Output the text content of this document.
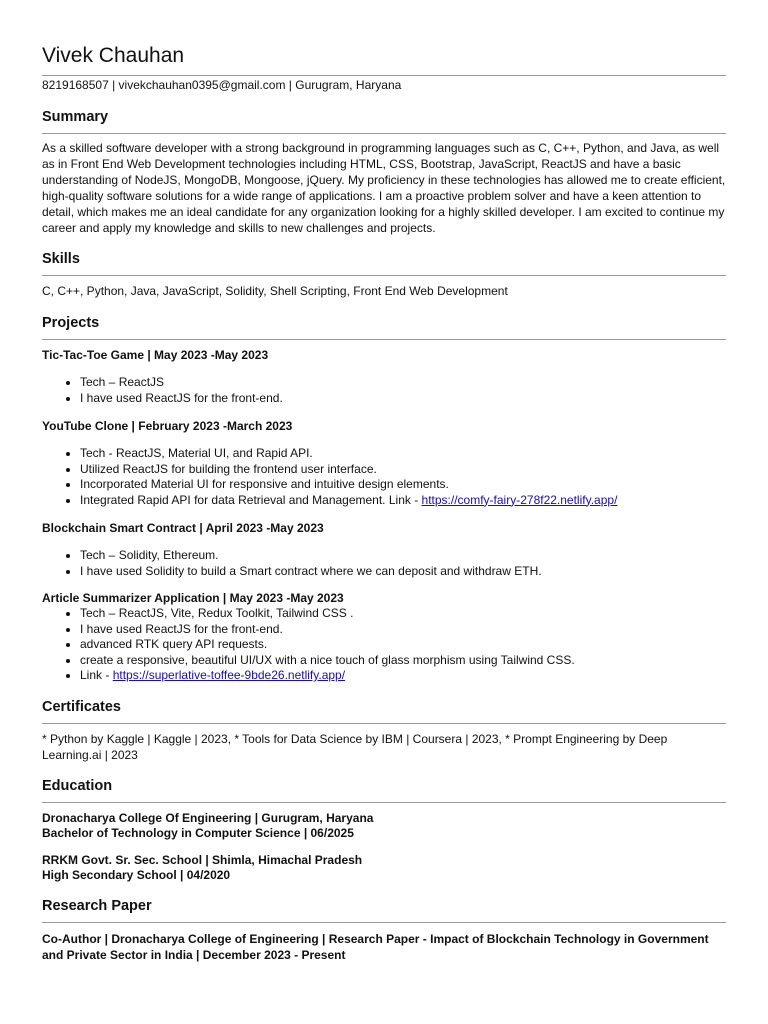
Vivek Chauhan
8219168507 | vivekchauhan0395@gmail.com | Gurugram, Haryana
Summary

As a skilled software developer with a strong background in programming languages such as C, C++, Python, and Java, as well as in Front End Web Development technologies including HTML, CSS, Bootstrap, JavaScript, ReactJS and have a basic understanding of NodeJS, MongoDB, Mongoose, jQuery. My proficiency in these technologies has allowed me to create efficient, high-quality software solutions for a wide range of applications. I am a proactive problem solver and have a keen attention to detail, which makes me an ideal candidate for any organization looking for a highly skilled developer. I am excited to continue my career and apply my knowledge and skills to new challenges and projects.

Skills

C, C++, Python, Java, JavaScript, Solidity, Shell Scripting, Front End Web Development

Projects

Tic-Tac-Toe Game | May 2023 -May 2023

• Tech – ReactJS
• I have used ReactJS for the front-end.

YouTube Clone | February 2023 -March 2023

• Tech - ReactJS, Material UI, and Rapid API.
• Utilized ReactJS for building the frontend user interface.
• Incorporated Material UI for responsive and intuitive design elements.
• Integrated Rapid API for data Retrieval and Management. Link - https://comfy-fairy-278f22.netlify.app/

Blockchain Smart Contract | April 2023 -May 2023

• Tech – Solidity, Ethereum.
• I have used Solidity to build a Smart contract where we can deposit and withdraw ETH.

Article Summarizer Application | May 2023 -May 2023

• Tech – ReactJS, Vite, Redux Toolkit, Tailwind CSS .
• I have used ReactJS for the front-end.
• advanced RTK query API requests.
• create a responsive, beautiful UI/UX with a nice touch of glass morphism using Tailwind CSS.
• Link - https://superlative-toffee-9bde26.netlify.app/
Certificates

* Python by Kaggle | Kaggle | 2023, * Tools for Data Science by IBM | Coursera | 2023, * Prompt Engineering by Deep Learning.ai | 2023

Education

Dronacharya College Of Engineering | Gurugram, Haryana

Bachelor of Technology in Computer Science | 06/2025

RRKM Govt. Sr. Sec. School | Shimla, Himachal Pradesh

High Secondary School | 04/2020

Research Paper

Co-Author | Dronacharya College of Engineering | Research Paper - Impact of Blockchain Technology in Government and Private Sector in India | December 2023 - Present
